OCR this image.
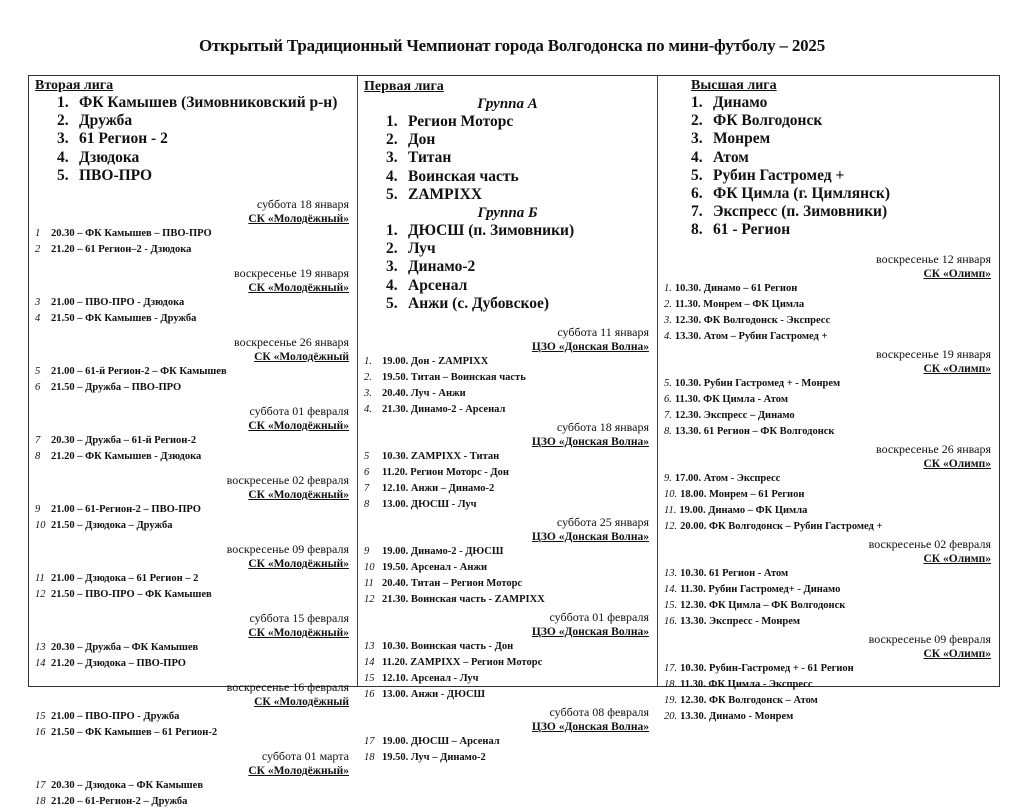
Открытый Традиционный Чемпионат города Волгодонска по мини-футболу – 2025
Вторая лига
1. ФК Камышев (Зимовниковский р-н)
2. Дружба
3. 61 Регион - 2
4. Дзюдока
5. ПВО-ПРО
суббота 18 января
СК «Молодёжный»
1 20.30 – ФК Камышев – ПВО-ПРО
2 21.20 – 61 Регион–2 - Дзюдока
воскресенье 19 января
СК «Молодёжный»
3 21.00 – ПВО-ПРО - Дзюдока
4 21.50 – ФК Камышев - Дружба
воскресенье 26 января
СК «Молодёжный
5 21.00 – 61-й Регион-2 – ФК Камышев
6 21.50 – Дружба – ПВО-ПРО
суббота 01 февраля
СК «Молодёжный»
7 20.30 – Дружба – 61-й Регион-2
8 21.20 – ФК Камышев - Дзюдока
воскресенье 02 февраля
СК «Молодёжный»
9 21.00 – 61-Регион-2 – ПВО-ПРО
10 21.50 – Дзюдока – Дружба
воскресенье 09 февраля
СК «Молодёжный»
11 21.00 – Дзюдока – 61 Регион – 2
12 21.50 – ПВО-ПРО – ФК Камышев
суббота 15 февраля
СК «Молодёжный»
13 20.30 – Дружба – ФК Камышев
14 21.20 – Дзюдока – ПВО-ПРО
воскресенье 16 февраля
СК «Молодёжный
15 21.00 – ПВО-ПРО - Дружба
16 21.50 – ФК Камышев – 61 Регион-2
суббота 01 марта
СК «Молодёжный»
17 20.30 – Дзюдока – ФК Камышев
18 21.20 – 61-Регион-2 – Дружба
Первая лига
Группа А
1. Регион Моторс
2. Дон
3. Титан
4. Воинская часть
5. ZAMPIXX
Группа Б
1. ДЮСШ (п. Зимовники)
2. Луч
3. Динамо-2
4. Арсенал
5. Анжи (с. Дубовское)
суббота 11 января
ЦЗО «Донская Волна»
1. 19.00. Дон - ZAMPIXX
2. 19.50. Титан – Воинская часть
3. 20.40. Луч - Анжи
4. 21.30. Динамо-2 - Арсенал
суббота 18 января
ЦЗО «Донская Волна»
5 10.30. ZAMPIXX - Титан
6 11.20. Регион Моторс - Дон
7 12.10. Анжи – Динамо-2
8 13.00. ДЮСШ - Луч
суббота 25 января
ЦЗО «Донская Волна»
9 19.00. Динамо-2 - ДЮСШ
10 19.50. Арсенал - Анжи
11 20.40. Титан – Регион Моторс
12 21.30. Воинская часть - ZAMPIXX
суббота 01 февраля
ЦЗО «Донская Волна»
13 10.30. Воинская часть - Дон
14 11.20. ZAMPIXX – Регион Моторс
15 12.10. Арсенал - Луч
16 13.00. Анжи - ДЮСШ
суббота 08 февраля
ЦЗО «Донская Волна»
17 19.00. ДЮСШ – Арсенал
18 19.50. Луч – Динамо-2
Высшая лига
1. Динамо
2. ФК Волгодонск
3. Монрем
4. Атом
5. Рубин Гастромед +
6. ФК Цимла (г. Цимлянск)
7. Экспресс (п. Зимовники)
8. 61 - Регион
воскресенье 12 января
СК «Олимп»
1. 10.30. Динамо – 61 Регион
2. 11.30. Монрем – ФК Цимла
3. 12.30. ФК Волгодонск - Экспресс
4. 13.30. Атом – Рубин Гастромед +
воскресенье 19 января
СК «Олимп»
5. 10.30. Рубин Гастромед + - Монрем
6. 11.30. ФК Цимла - Атом
7. 12.30. Экспресс – Динамо
8. 13.30. 61 Регион – ФК Волгодонск
воскресенье 26 января
СК «Олимп»
9. 17.00. Атом - Экспресс
10. 18.00. Монрем – 61 Регион
11. 19.00. Динамо – ФК Цимла
12. 20.00. ФК Волгодонск – Рубин Гастромед +
воскресенье 02 февраля
СК «Олимп»
13. 10.30. 61 Регион - Атом
14. 11.30. Рубин Гастромед+ - Динамо
15. 12.30. ФК Цимла – ФК Волгодонск
16. 13.30. Экспресс - Монрем
воскресенье 09 февраля
СК «Олимп»
17. 10.30. Рубин-Гастромед + - 61 Регион
18. 11.30. ФК Цимла - Экспресс
19. 12.30. ФК Волгодонск – Атом
20. 13.30. Динамо - Монрем
